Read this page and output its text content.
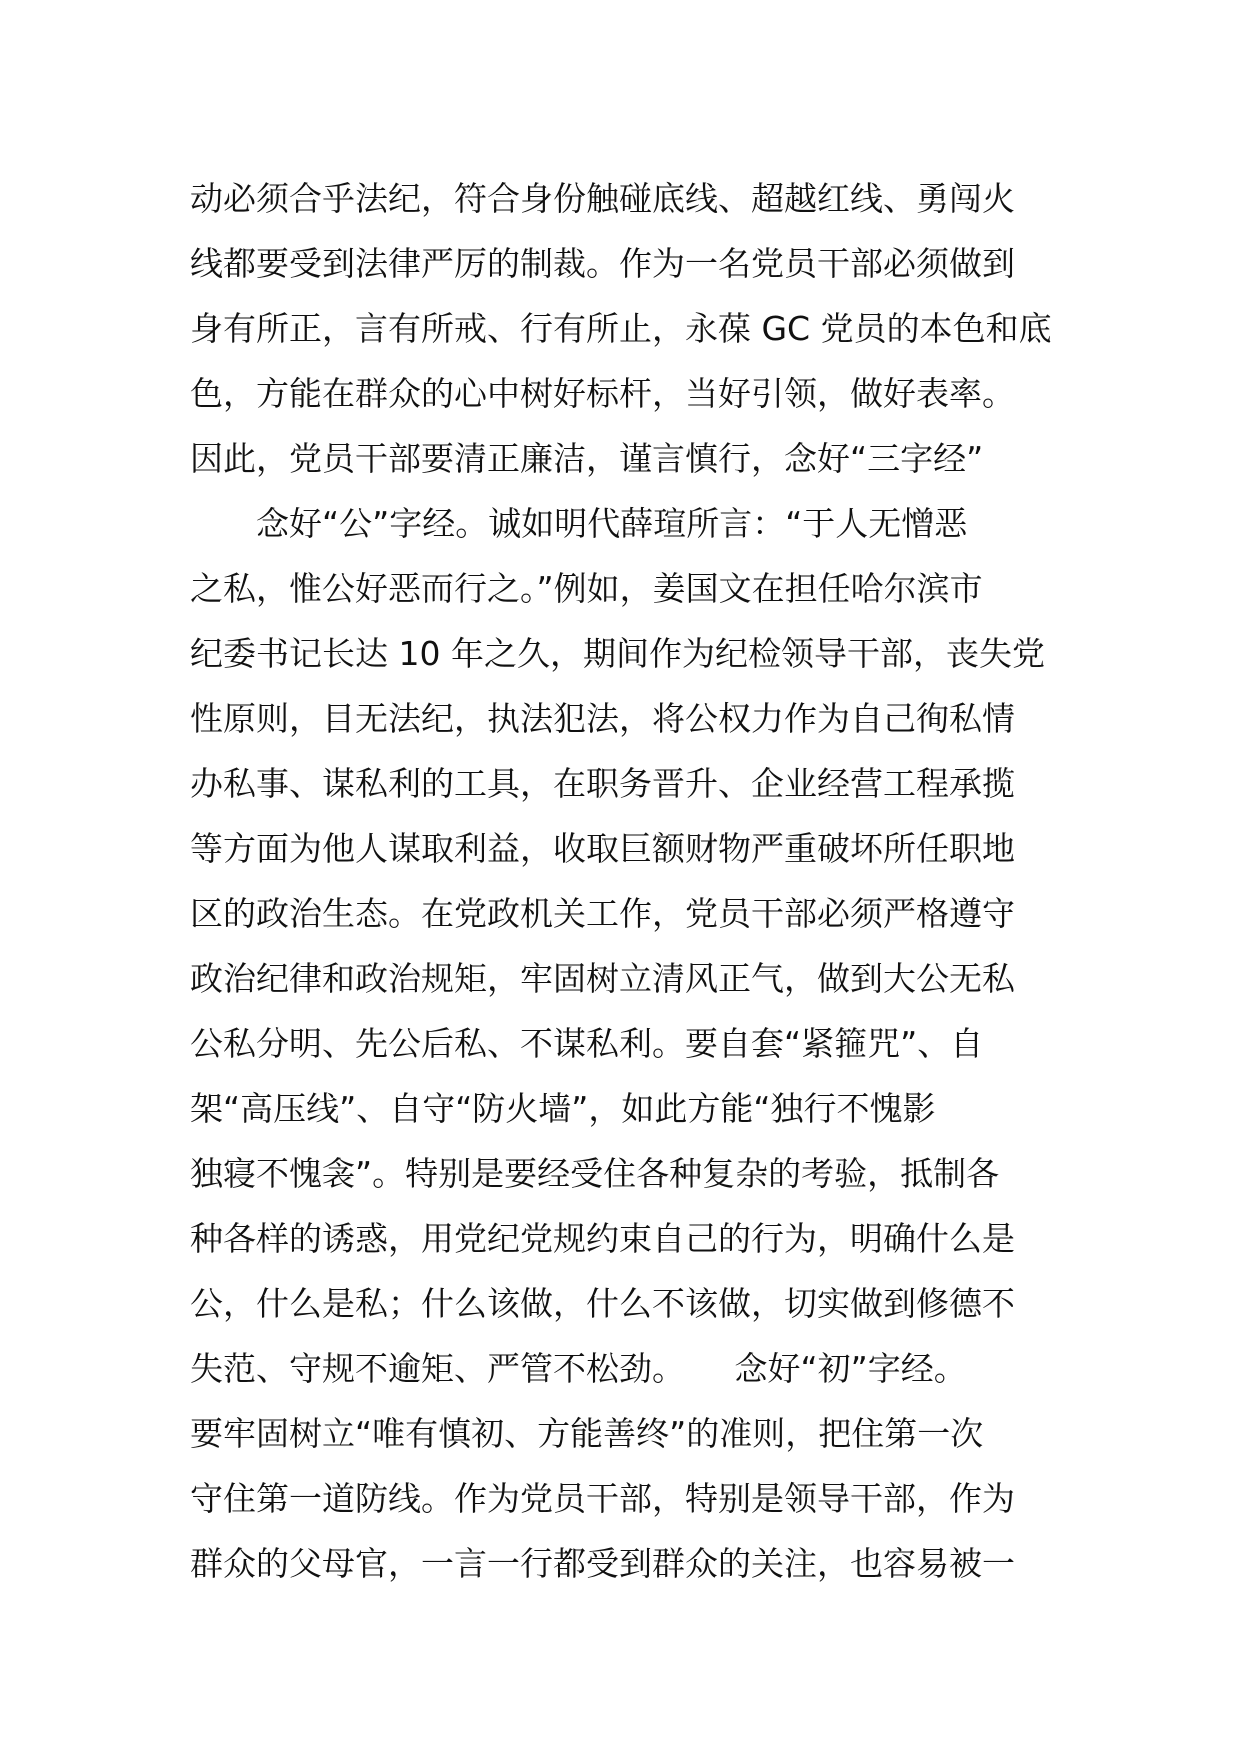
动必须合乎法纪，符合身份触碰底线、超越红线、勇闯火
线都要受到法律严厉的制裁。作为一名党员干部必须做到
身有所正，言有所戒、行有所止，永葆 GC 党员的本色和底
色，方能在群众的心中树好标杆，当好引领，做好表率。
因此，党员干部要清正廉洁，谨言慎行，念好“三字经”
　　念好“公”字经。诚如明代薛瑄所言：“于人无憎恶
之私，惟公好恶而行之。”例如，姜国文在担任哈尔滨市
纪委书记长达 10 年之久，期间作为纪检领导干部，丧失党
性原则，目无法纪，执法犯法，将公权力作为自己徇私情
办私事、谋私利的工具，在职务晋升、企业经营工程承揽
等方面为他人谋取利益，收取巨额财物严重破坏所任职地
区的政治生态。在党政机关工作，党员干部必须严格遵守
政治纪律和政治规矩，牢固树立清风正气，做到大公无私
公私分明、先公后私、不谋私利。要自套“紧箍咒”、自
架“高压线”、自守“防火墙”，如此方能“独行不愧影
独寝不愧衾”。特别是要经受住各种复杂的考验，抵制各
种各样的诱惑，用党纪党规约束自己的行为，明确什么是
公，什么是私；什么该做，什么不该做，切实做到修德不
失范、守规不逾矩、严管不松劲。　　念好“初”字经。
要牢固树立“唯有慎初、方能善终”的准则，把住第一次
守住第一道防线。作为党员干部，特别是领导干部，作为
群众的父母官，一言一行都受到群众的关注，也容易被一
